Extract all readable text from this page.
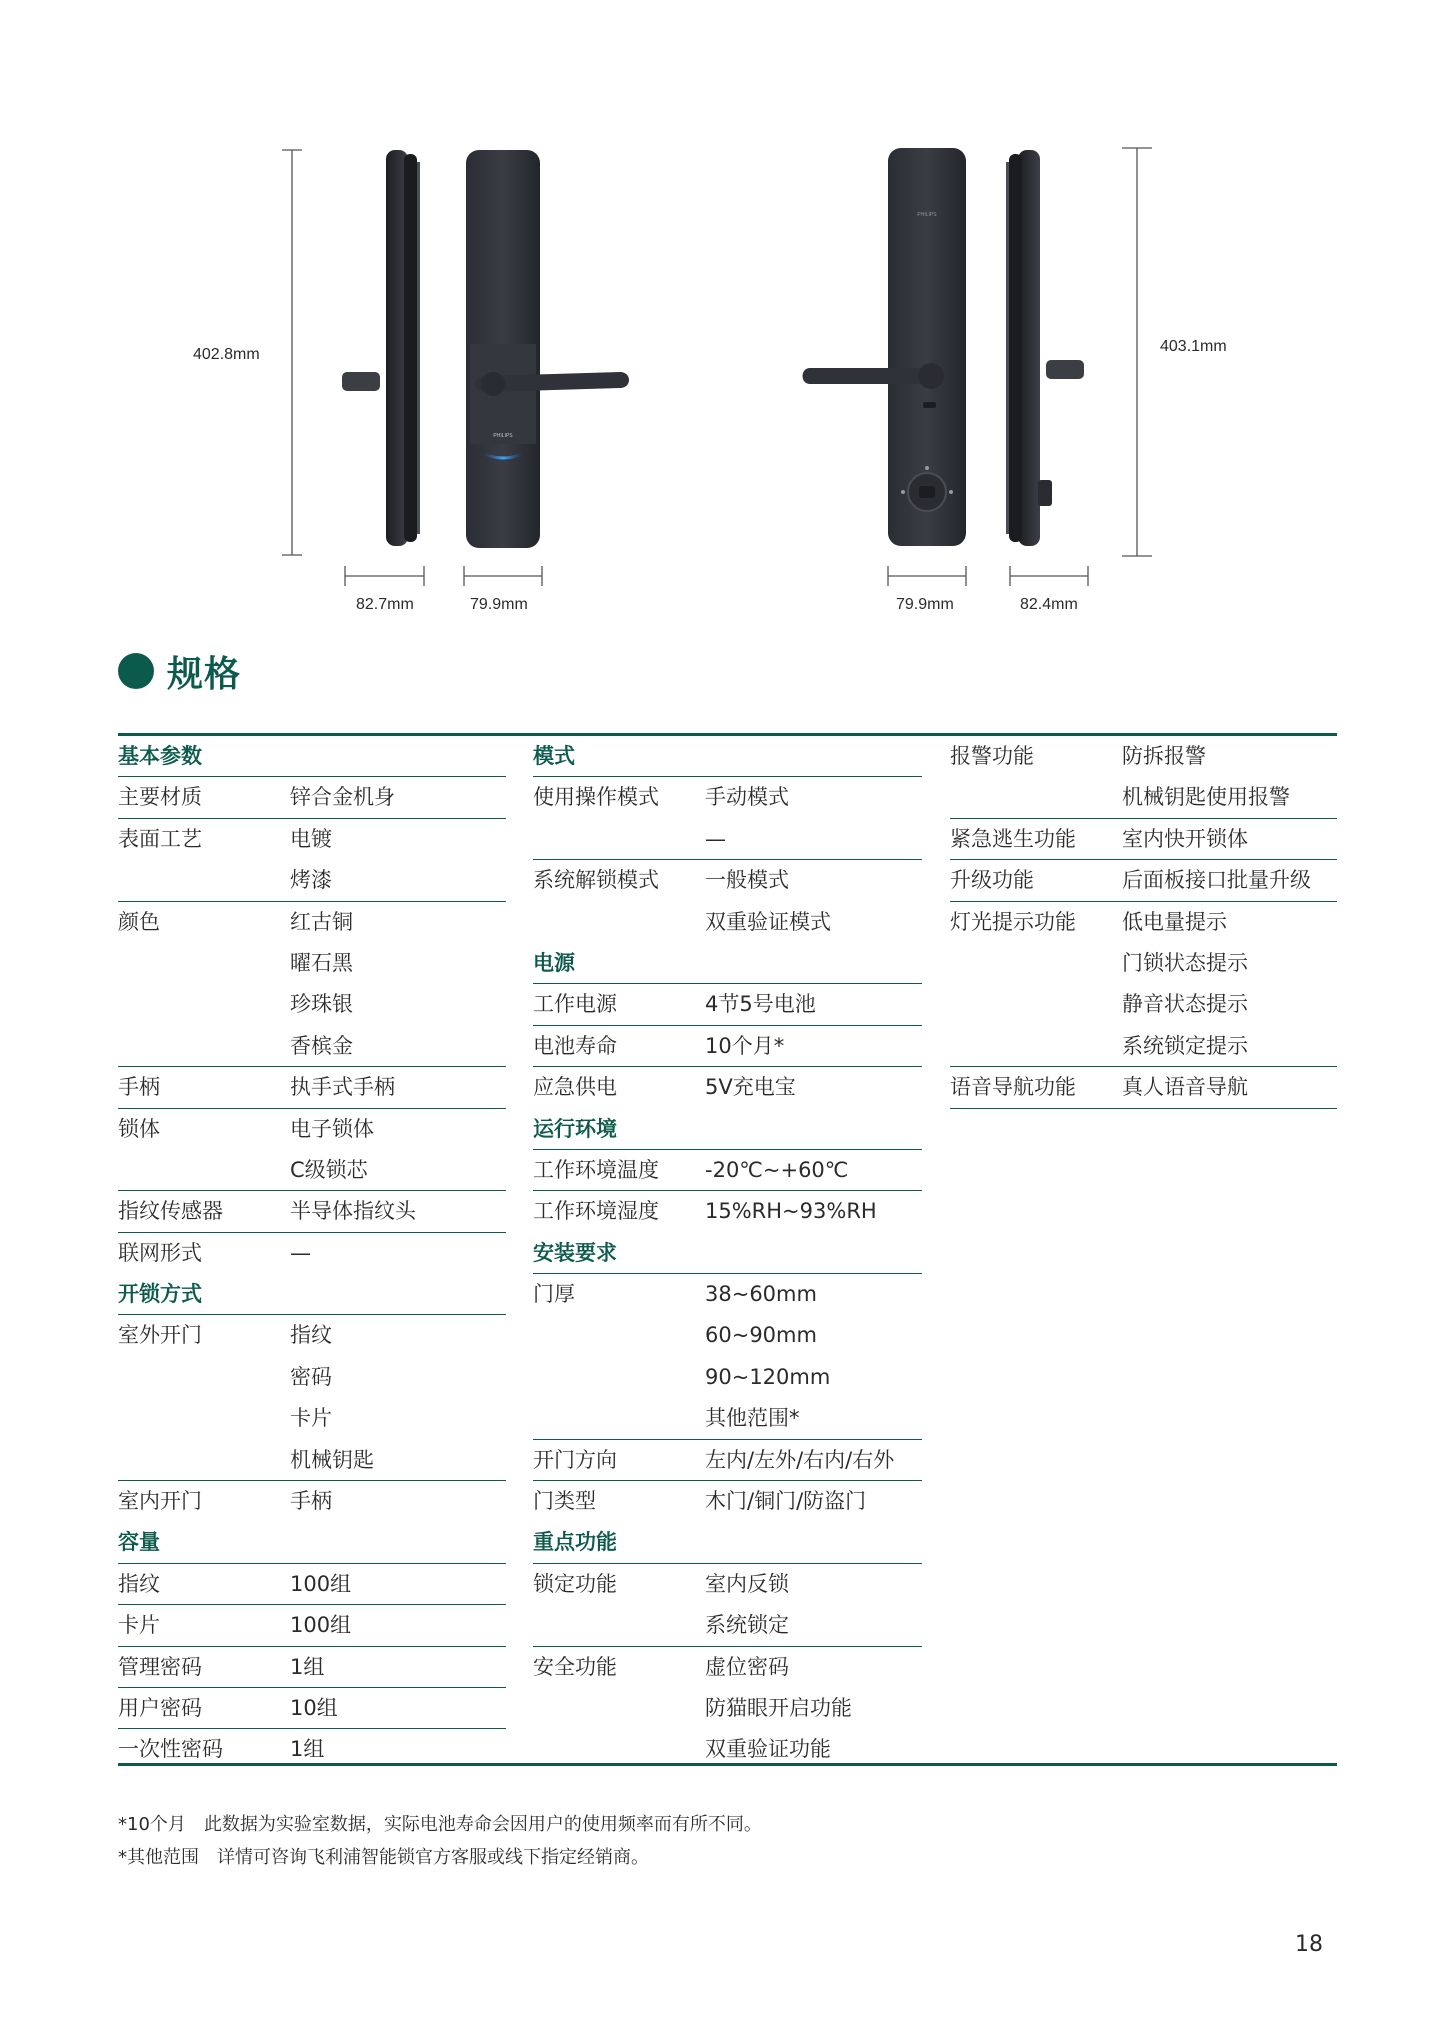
PHILIPS
PHILIPS
402.8mm	403.1mm
82.7mm	79.9mm	79.9mm	82.4mm
规格
基本参数
主要材质	锌合金机身
表面工艺	电镀
烤漆
颜色	红古铜
曜石黑
珍珠银
香槟金
手柄	执手式手柄
锁体	电子锁体
C级锁芯
指纹传感器	半导体指纹头
联网形式	—
开锁方式
室外开门	指纹
密码
卡片
机械钥匙
室内开门	手柄
容量
指纹	100组
卡片	100组
管理密码	1组
用户密码	10组
一次性密码	1组
模式
使用操作模式 手动模式
—
系统解锁模式 一般模式
双重验证模式
电源
工作电源	4节5号电池
电池寿命	10个月*
应急供电	5V充电宝
运行环境
工作环境温度 -20℃~+60℃
工作环境湿度 15%RH~93%RH
安装要求
门厚	38~60mm
60~90mm
90~120mm
其他范围*
开门方向	左内/左外/右内/右外
门类型	木门/铜门/防盗门
重点功能
锁定功能	室内反锁
系统锁定
安全功能	虚位密码
防猫眼开启功能
双重验证功能
报警功能	防拆报警
机械钥匙使用报警
紧急逃生功能 室内快开锁体
升级功能	后面板接口批量升级
灯光提示功能 低电量提示
门锁状态提示
静音状态提示
系统锁定提示
语音导航功能 真人语音导航
*10个月　此数据为实验室数据，实际电池寿命会因用户的使用频率而有所不同。
*其他范围　详情可咨询飞利浦智能锁官方客服或线下指定经销商。
18
